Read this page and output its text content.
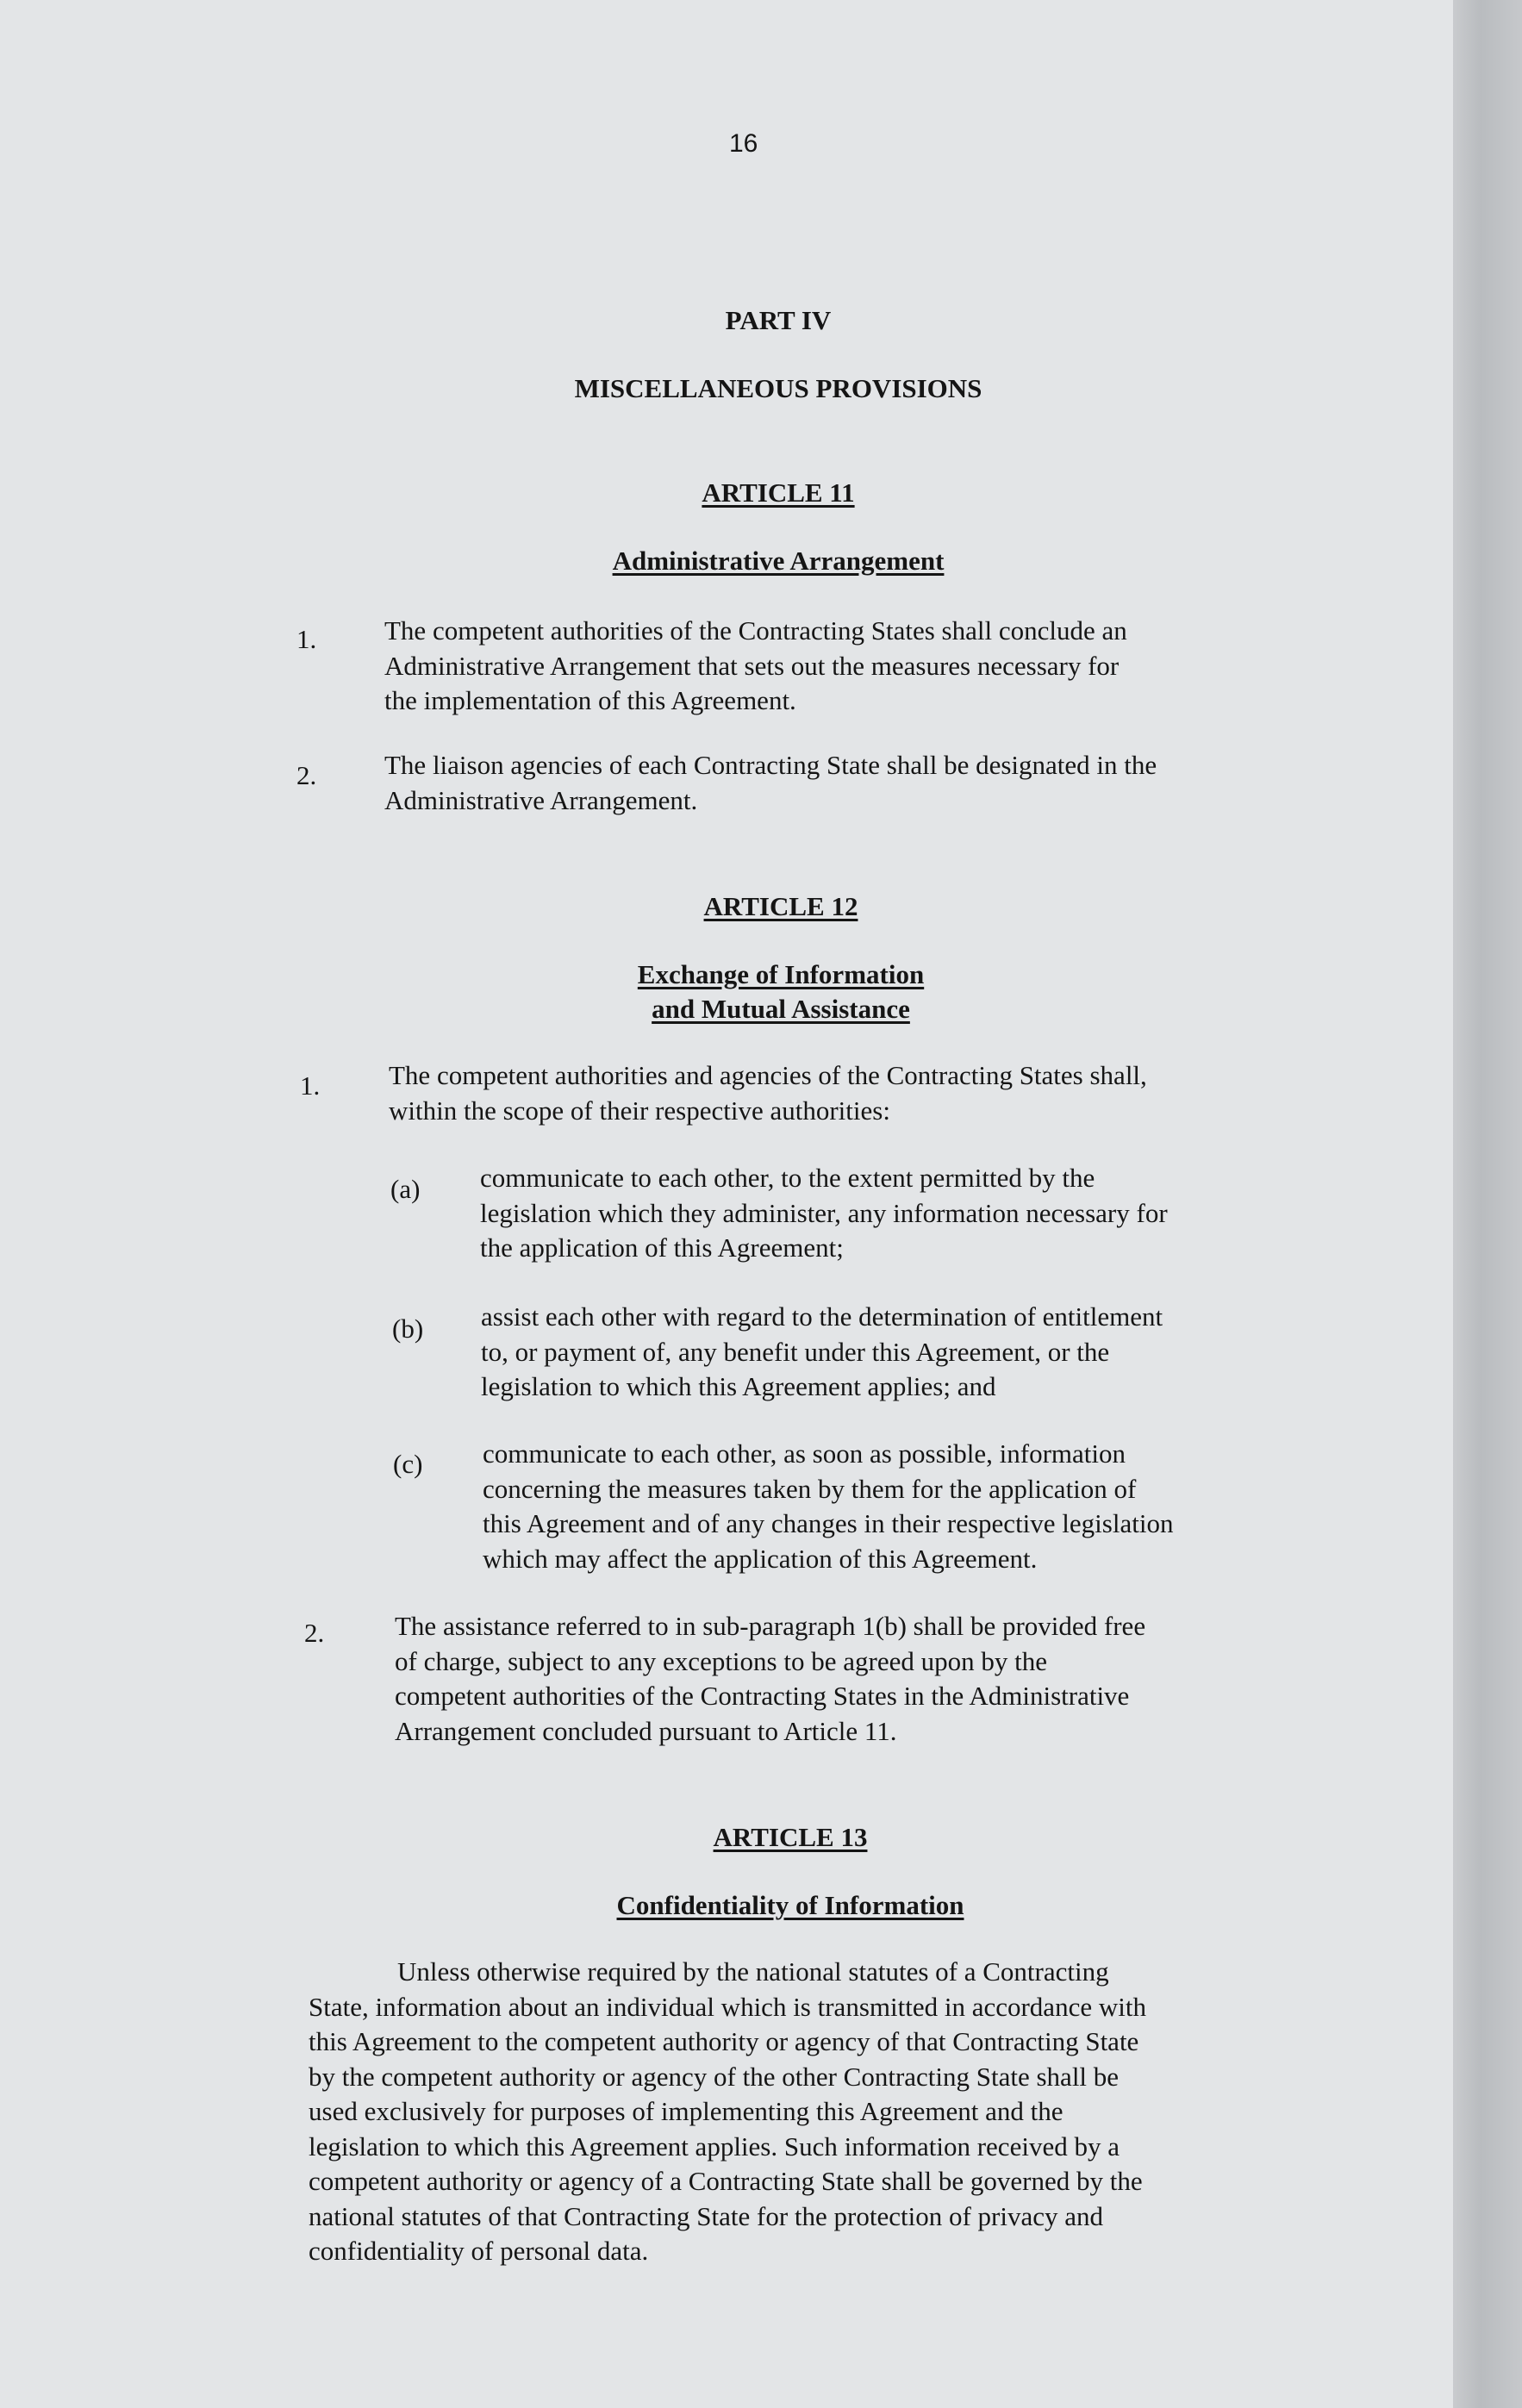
16
PART IV
MISCELLANEOUS PROVISIONS
ARTICLE 11
Administrative Arrangement
1.	The competent authorities of the Contracting States shall conclude an
Administrative Arrangement that sets out the measures necessary for
the implementation of this Agreement.
2.	The liaison agencies of each Contracting State shall be designated in the
Administrative Arrangement.
ARTICLE 12
Exchange of Information
and Mutual Assistance
1.	The competent authorities and agencies of the Contracting States shall,
within the scope of their respective authorities:
(a) communicate to each other, to the extent permitted by the
legislation which they administer, any information necessary for
the application of this Agreement;
(b) assist each other with regard to the determination of entitlement
to, or payment of, any benefit under this Agreement, or the
legislation to which this Agreement applies; and
(c) communicate to each other, as soon as possible, information
concerning the measures taken by them for the application of
this Agreement and of any changes in their respective legislation
which may affect the application of this Agreement.
2.	The assistance referred to in sub-paragraph 1(b) shall be provided free
of charge, subject to any exceptions to be agreed upon by the
competent authorities of the Contracting States in the Administrative
Arrangement concluded pursuant to Article 11.
ARTICLE 13
Confidentiality of Information
Unless otherwise required by the national statutes of a Contracting
State, information about an individual which is transmitted in accordance with
this Agreement to the competent authority or agency of that Contracting State
by the competent authority or agency of the other Contracting State shall be
used exclusively for purposes of implementing this Agreement and the
legislation to which this Agreement applies. Such information received by a
competent authority or agency of a Contracting State shall be governed by the
national statutes of that Contracting State for the protection of privacy and
confidentiality of personal data.
